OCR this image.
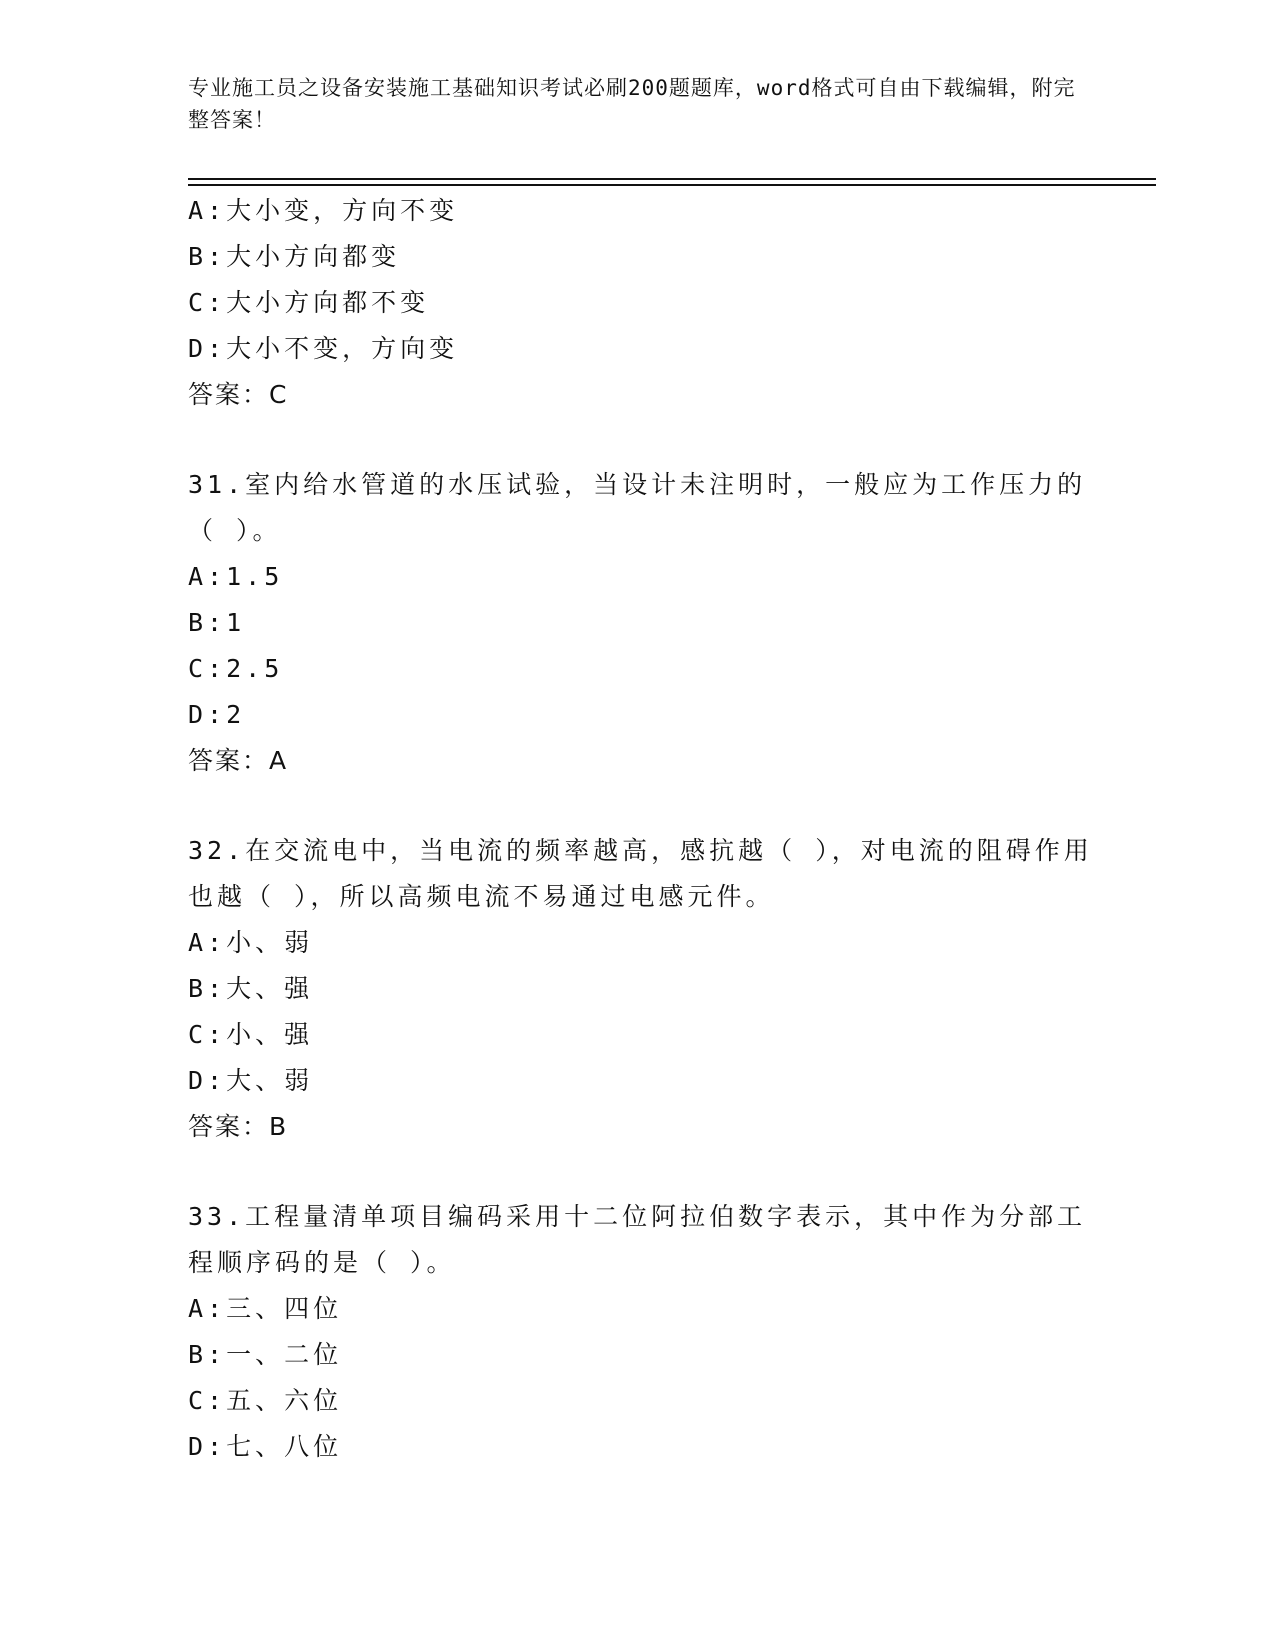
专业施工员之设备安装施工基础知识考试必刷200题题库，word格式可自由下载编辑，附完整答案！
A:大小变，方向不变
B:大小方向都变
C:大小方向都不变
D:大小不变，方向变
答案：C
31.室内给水管道的水压试验，当设计未注明时，一般应为工作压力的（ ）。
A:1.5
B:1
C:2.5
D:2
答案：A
32.在交流电中，当电流的频率越高，感抗越（ ），对电流的阻碍作用也越（ ），所以高频电流不易通过电感元件。
A:小、弱
B:大、强
C:小、强
D:大、弱
答案：B
33.工程量清单项目编码采用十二位阿拉伯数字表示，其中作为分部工程顺序码的是（ ）。
A:三、四位
B:一、二位
C:五、六位
D:七、八位
